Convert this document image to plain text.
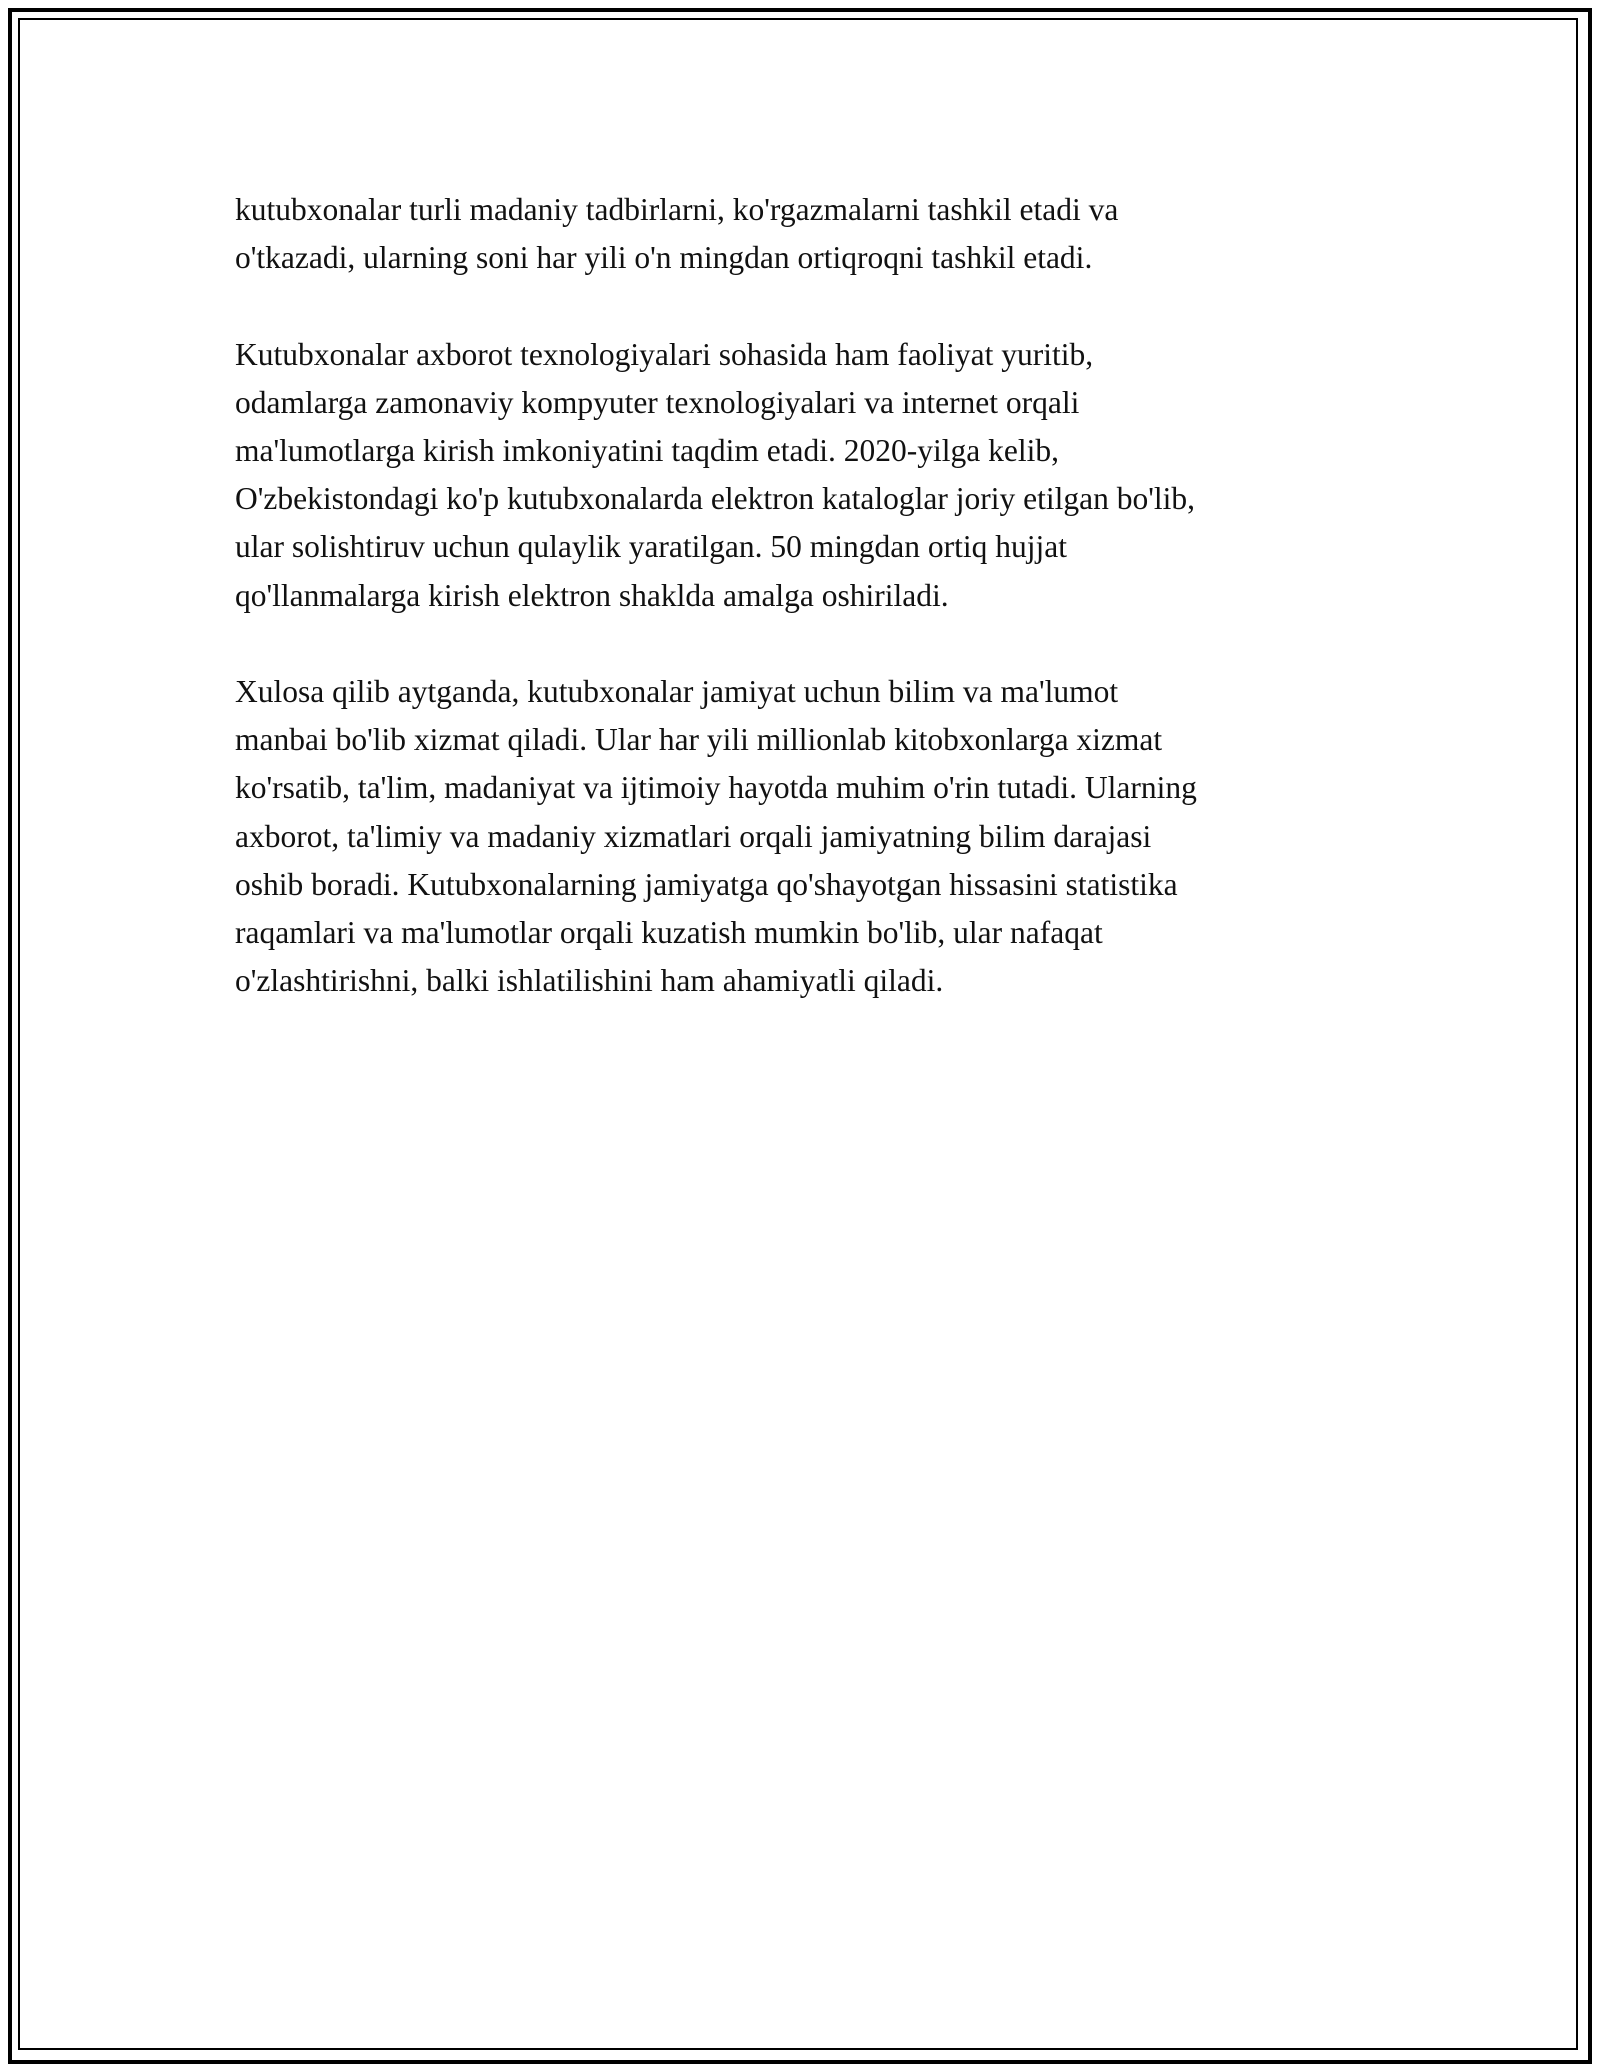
kutubxonalar turli madaniy tadbirlarni, ko'rgazmalarni tashkil etadi va
o'tkazadi, ularning soni har yili o'n mingdan ortiqroqni tashkil etadi.

Kutubxonalar axborot texnologiyalari sohasida ham faoliyat yuritib,
odamlarga zamonaviy kompyuter texnologiyalari va internet orqali
ma'lumotlarga kirish imkoniyatini taqdim etadi. 2020-yilga kelib,
O'zbekistondagi ko'p kutubxonalarda elektron kataloglar joriy etilgan bo'lib,
ular solishtiruv uchun qulaylik yaratilgan. 50 mingdan ortiq hujjat
qo'llanmalarga kirish elektron shaklda amalga oshiriladi.

Xulosa qilib aytganda, kutubxonalar jamiyat uchun bilim va ma'lumot
manbai bo'lib xizmat qiladi. Ular har yili millionlab kitobxonlarga xizmat
ko'rsatib, ta'lim, madaniyat va ijtimoiy hayotda muhim o'rin tutadi. Ularning
axborot, ta'limiy va madaniy xizmatlari orqali jamiyatning bilim darajasi
oshib boradi. Kutubxonalarning jamiyatga qo'shayotgan hissasini statistika
raqamlari va ma'lumotlar orqali kuzatish mumkin bo'lib, ular nafaqat
o'zlashtirishni, balki ishlatilishini ham ahamiyatli qiladi.
